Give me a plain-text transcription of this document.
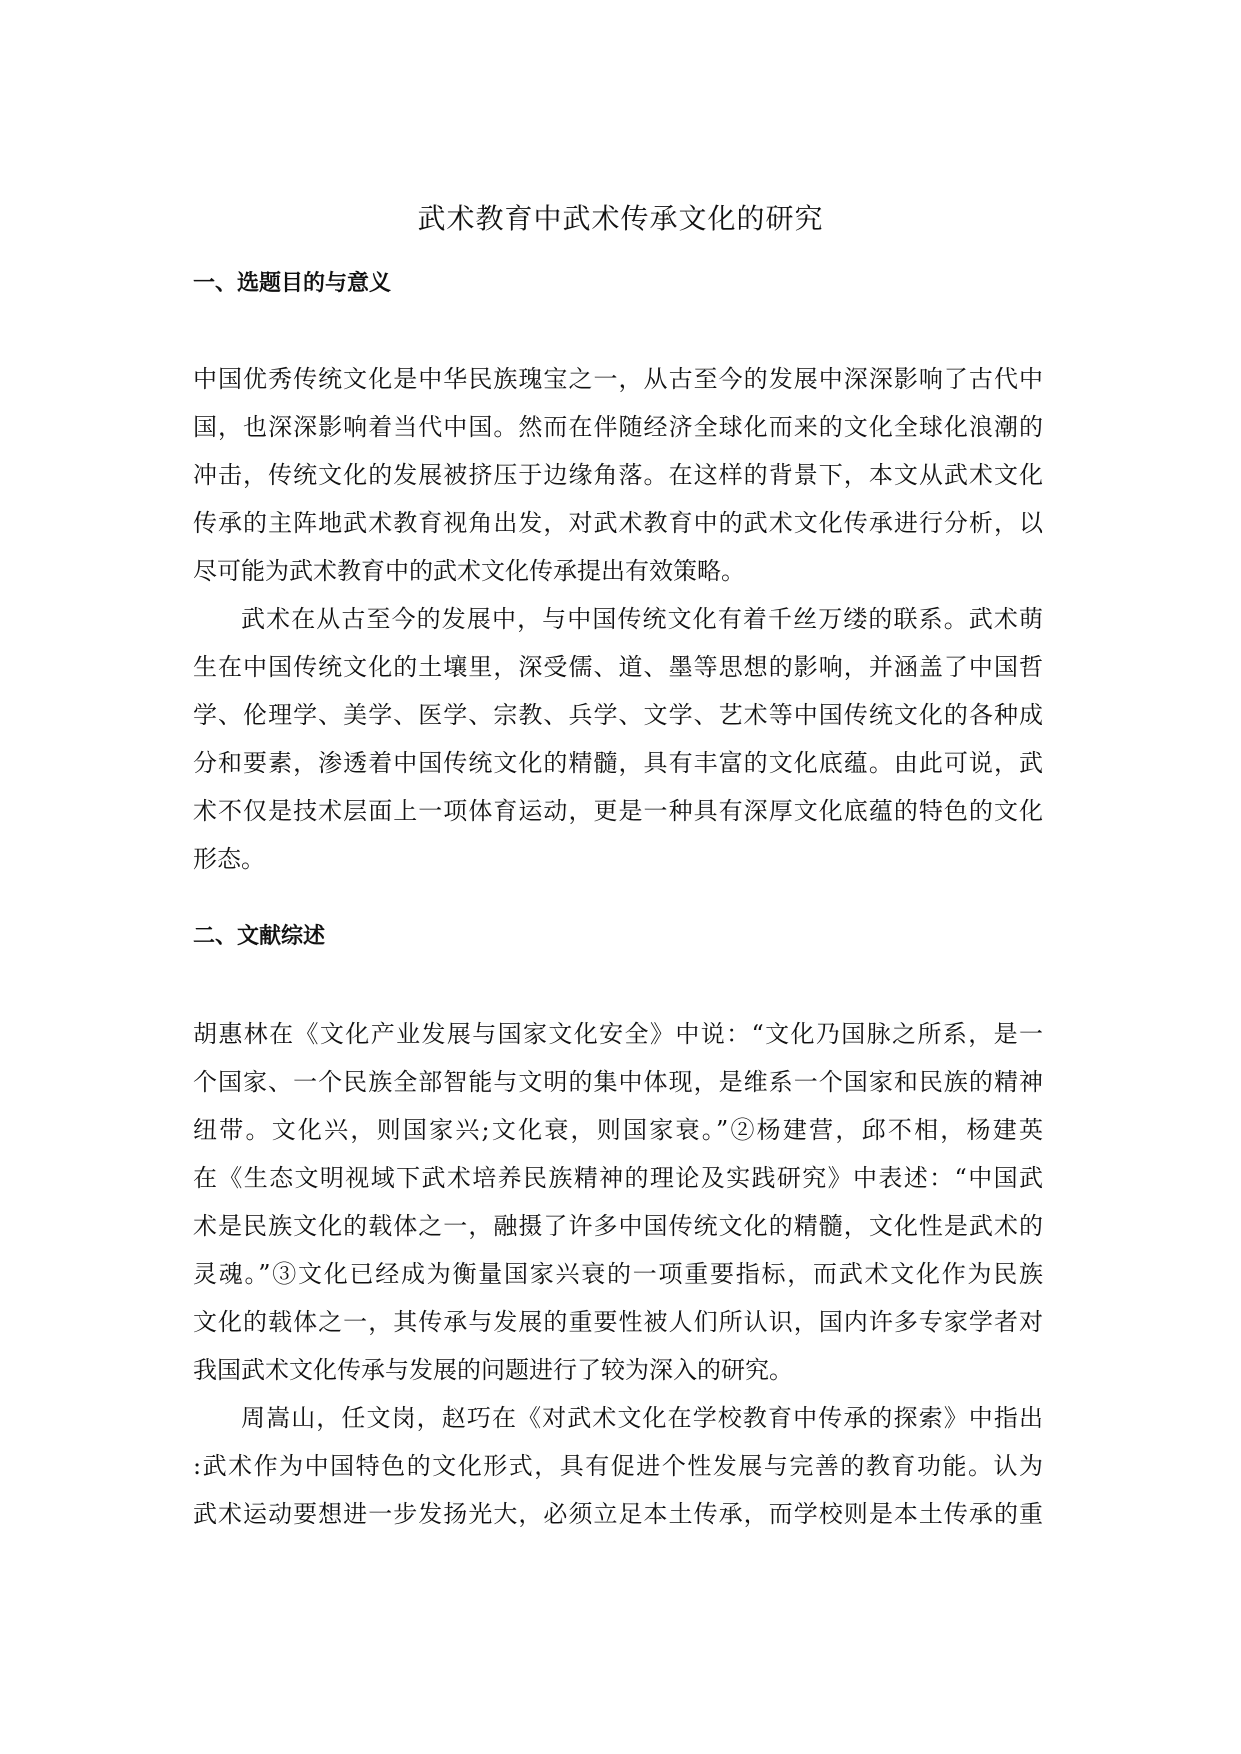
武术教育中武术传承文化的研究
一、选题目的与意义
中国优秀传统文化是中华民族瑰宝之一，从古至今的发展中深深影响了古代中
国，也深深影响着当代中国。然而在伴随经济全球化而来的文化全球化浪潮的
冲击，传统文化的发展被挤压于边缘角落。在这样的背景下，本文从武术文化
传承的主阵地武术教育视角出发，对武术教育中的武术文化传承进行分析，以
尽可能为武术教育中的武术文化传承提出有效策略。
武术在从古至今的发展中，与中国传统文化有着千丝万缕的联系。武术萌
生在中国传统文化的土壤里，深受儒、道、墨等思想的影响，并涵盖了中国哲
学、伦理学、美学、医学、宗教、兵学、文学、艺术等中国传统文化的各种成
分和要素，渗透着中国传统文化的精髓，具有丰富的文化底蕴。由此可说，武
术不仅是技术层面上一项体育运动，更是一种具有深厚文化底蕴的特色的文化
形态。
二、文献综述
胡惠林在《文化产业发展与国家文化安全》中说：“文化乃国脉之所系，是一
个国家、一个民族全部智能与文明的集中体现，是维系一个国家和民族的精神
纽带。文化兴，则国家兴;文化衰，则国家衰。”②杨建营，邱不相，杨建英
在《生态文明视域下武术培养民族精神的理论及实践研究》中表述：“中国武
术是民族文化的载体之一，融摄了许多中国传统文化的精髓，文化性是武术的
灵魂。”③文化已经成为衡量国家兴衰的一项重要指标，而武术文化作为民族
文化的载体之一，其传承与发展的重要性被人们所认识，国内许多专家学者对
我国武术文化传承与发展的问题进行了较为深入的研究。
周嵩山，任文岗，赵巧在《对武术文化在学校教育中传承的探索》中指出
:武术作为中国特色的文化形式，具有促进个性发展与完善的教育功能。认为
武术运动要想进一步发扬光大，必须立足本土传承，而学校则是本土传承的重
